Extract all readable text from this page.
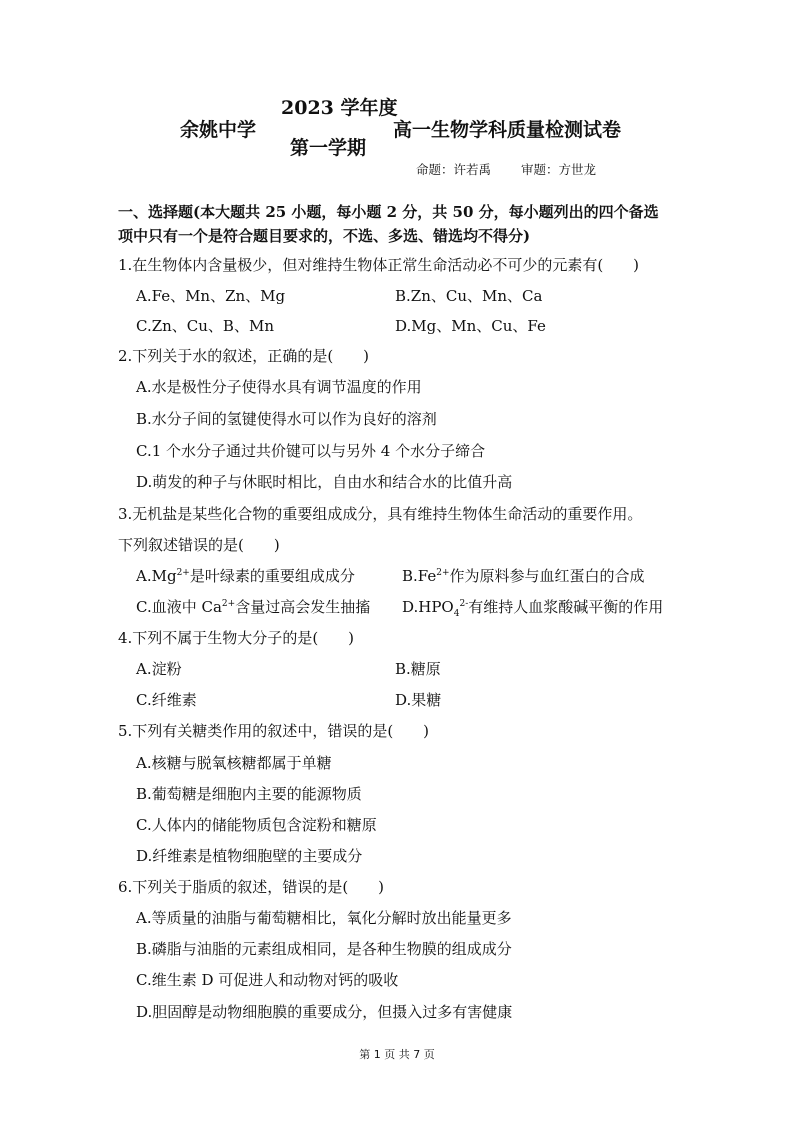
余姚中学
2023 学年度
第一学期
高一生物学科质量检测试卷
命题：许若禹 审题：方世龙
一、选择题(本大题共 25 小题，每小题 2 分，共 50 分，每小题列出的四个备选
项中只有一个是符合题目要求的，不选、多选、错选均不得分)
1.在生物体内含量极少，但对维持生物体正常生命活动必不可少的元素有(　　)
A.Fe、Mn、Zn、Mg	B.Zn、Cu、Mn、Ca
C.Zn、Cu、B、Mn	D.Mg、Mn、Cu、Fe
2.下列关于水的叙述，正确的是(　　)
A.水是极性分子使得水具有调节温度的作用
B.水分子间的氢键使得水可以作为良好的溶剂
C.1 个水分子通过共价键可以与另外 4 个水分子缔合
D.萌发的种子与休眠时相比，自由水和结合水的比值升高
3.无机盐是某些化合物的重要组成成分，具有维持生物体生命活动的重要作用。
下列叙述错误的是(　　)
$A.Mg^{2+}$是叶绿素的重要组成成分	$B.Fe^{2+}$作为原料参与血红蛋白的合成
C.血液中 $Ca^{2+}$含量过高会发生抽搐 $D.HPO_4^{2-}$有维持人血浆酸碱平衡的作用
4.下列不属于生物大分子的是(　　)
A.淀粉	B.糖原
C.纤维素	D.果糖
5.下列有关糖类作用的叙述中，错误的是(　　)
A.核糖与脱氧核糖都属于单糖
B.葡萄糖是细胞内主要的能源物质
C.人体内的储能物质包含淀粉和糖原
D.纤维素是植物细胞壁的主要成分
6.下列关于脂质的叙述，错误的是(　　)
A.等质量的油脂与葡萄糖相比，氧化分解时放出能量更多
B.磷脂与油脂的元素组成相同，是各种生物膜的组成成分
C.维生素 D 可促进人和动物对钙的吸收
D.胆固醇是动物细胞膜的重要成分，但摄入过多有害健康
第 1 页 共 7 页
